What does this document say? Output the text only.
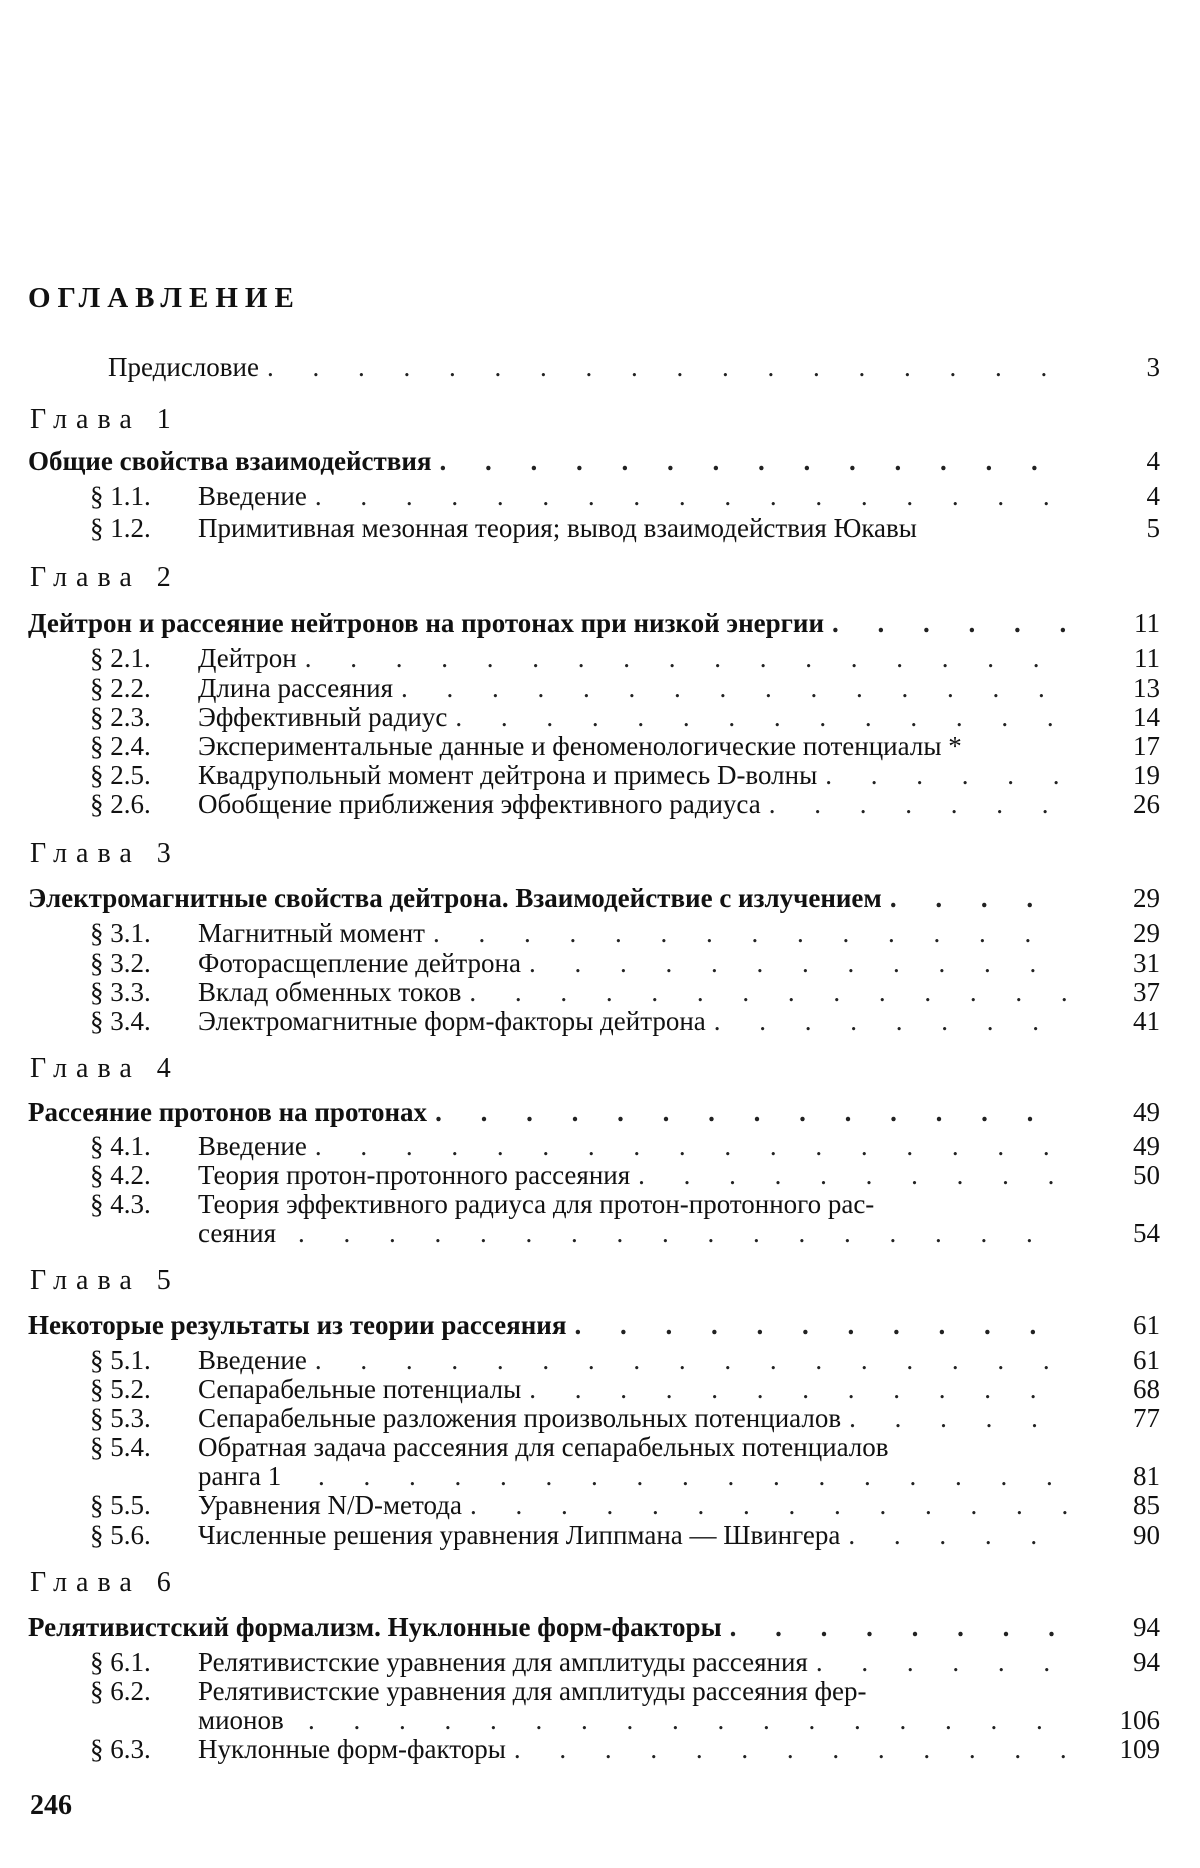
ОГЛАВЛЕНИЕ
Предисловие . . .	3
Глава 1
Общие свойства взаимодействия . . .	4
§ 1.1.	Введение . . .	4
§ 1.2.	Примитивная мезонная теория; вывод взаимодействия Юкавы	5
Глава 2
Дейтрон и рассеяние нейтронов на протонах при низкой энергии . . .	11
§ 2.1.	Дейтрон . . .	11
§ 2.2.	Длина рассеяния . . .	13
§ 2.3.	Эффективный радиус . . .	14
§ 2.4.	Экспериментальные данные и феноменологические потенциалы *	17
§ 2.5.	Квадрупольный момент дейтрона и примесь D-волны . . .	19
§ 2.6.	Обобщение приближения эффективного радиуса . . .	26
Глава 3
Электромагнитные свойства дейтрона. Взаимодействие с излучением . . .	29
§ 3.1.	Магнитный момент . . .	29
§ 3.2.	Фоторасщепление дейтрона . . .	31
§ 3.3.	Вклад обменных токов . . .	37
§ 3.4.	Электромагнитные форм-факторы дейтрона . . .	41
Глава 4
Рассеяние протонов на протонах . . .	49
§ 4.1.	Введение . . .	49
§ 4.2.	Теория протон-протонного рассеяния . . .	50
§ 4.3.	Теория эффективного радиуса для протон-протонного рас-
сеяния . . .	54
Глава 5
Некоторые результаты из теории рассеяния . . .	61
§ 5.1.	Введение . . .	61
§ 5.2.	Сепарабельные потенциалы . . .	68
§ 5.3.	Сепарабельные разложения произвольных потенциалов . . .	77
§ 5.4.	Обратная задача рассеяния для сепарабельных потенциалов
ранга 1 . . .	81
§ 5.5.	Уравнения N/D-метода . . .	85
§ 5.6.	Численные решения уравнения Липпмана — Швингера . . .	90
Глава 6
Релятивистский формализм. Нуклонные форм-факторы . . .	94
§ 6.1.	Релятивистские уравнения для амплитуды рассеяния . . .	94
§ 6.2.	Релятивистские уравнения для амплитуды рассеяния фер-
мионов . . .	106
§ 6.3.	Нуклонные форм-факторы . . .	109
246
